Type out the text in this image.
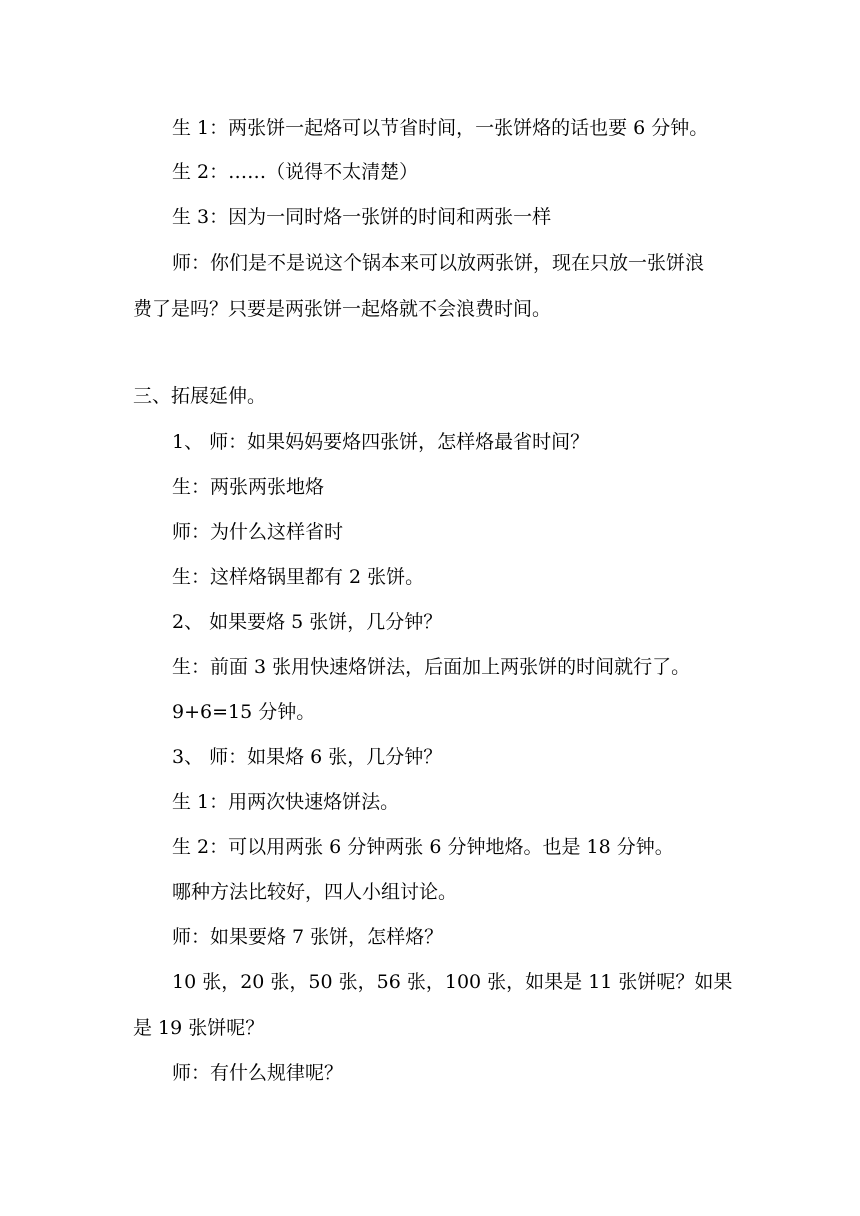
生 1：两张饼一起烙可以节省时间，一张饼烙的话也要 6 分钟。
生 2：……（说得不太清楚）
生 3：因为一同时烙一张饼的时间和两张一样
师：你们是不是说这个锅本来可以放两张饼，现在只放一张饼浪
费了是吗？只要是两张饼一起烙就不会浪费时间。
三、拓展延伸。
1、 师：如果妈妈要烙四张饼，怎样烙最省时间？
生：两张两张地烙
师：为什么这样省时
生：这样烙锅里都有 2 张饼。
2、 如果要烙 5 张饼，几分钟？
生：前面 3 张用快速烙饼法，后面加上两张饼的时间就行了。
9+6=15 分钟。
3、 师：如果烙 6 张，几分钟？
生 1：用两次快速烙饼法。
生 2：可以用两张 6 分钟两张 6 分钟地烙。也是 18 分钟。
哪种方法比较好，四人小组讨论。
师：如果要烙 7 张饼，怎样烙？
10 张，20 张，50 张，56 张，100 张，如果是 11 张饼呢？如果
是 19 张饼呢？
师：有什么规律呢？
